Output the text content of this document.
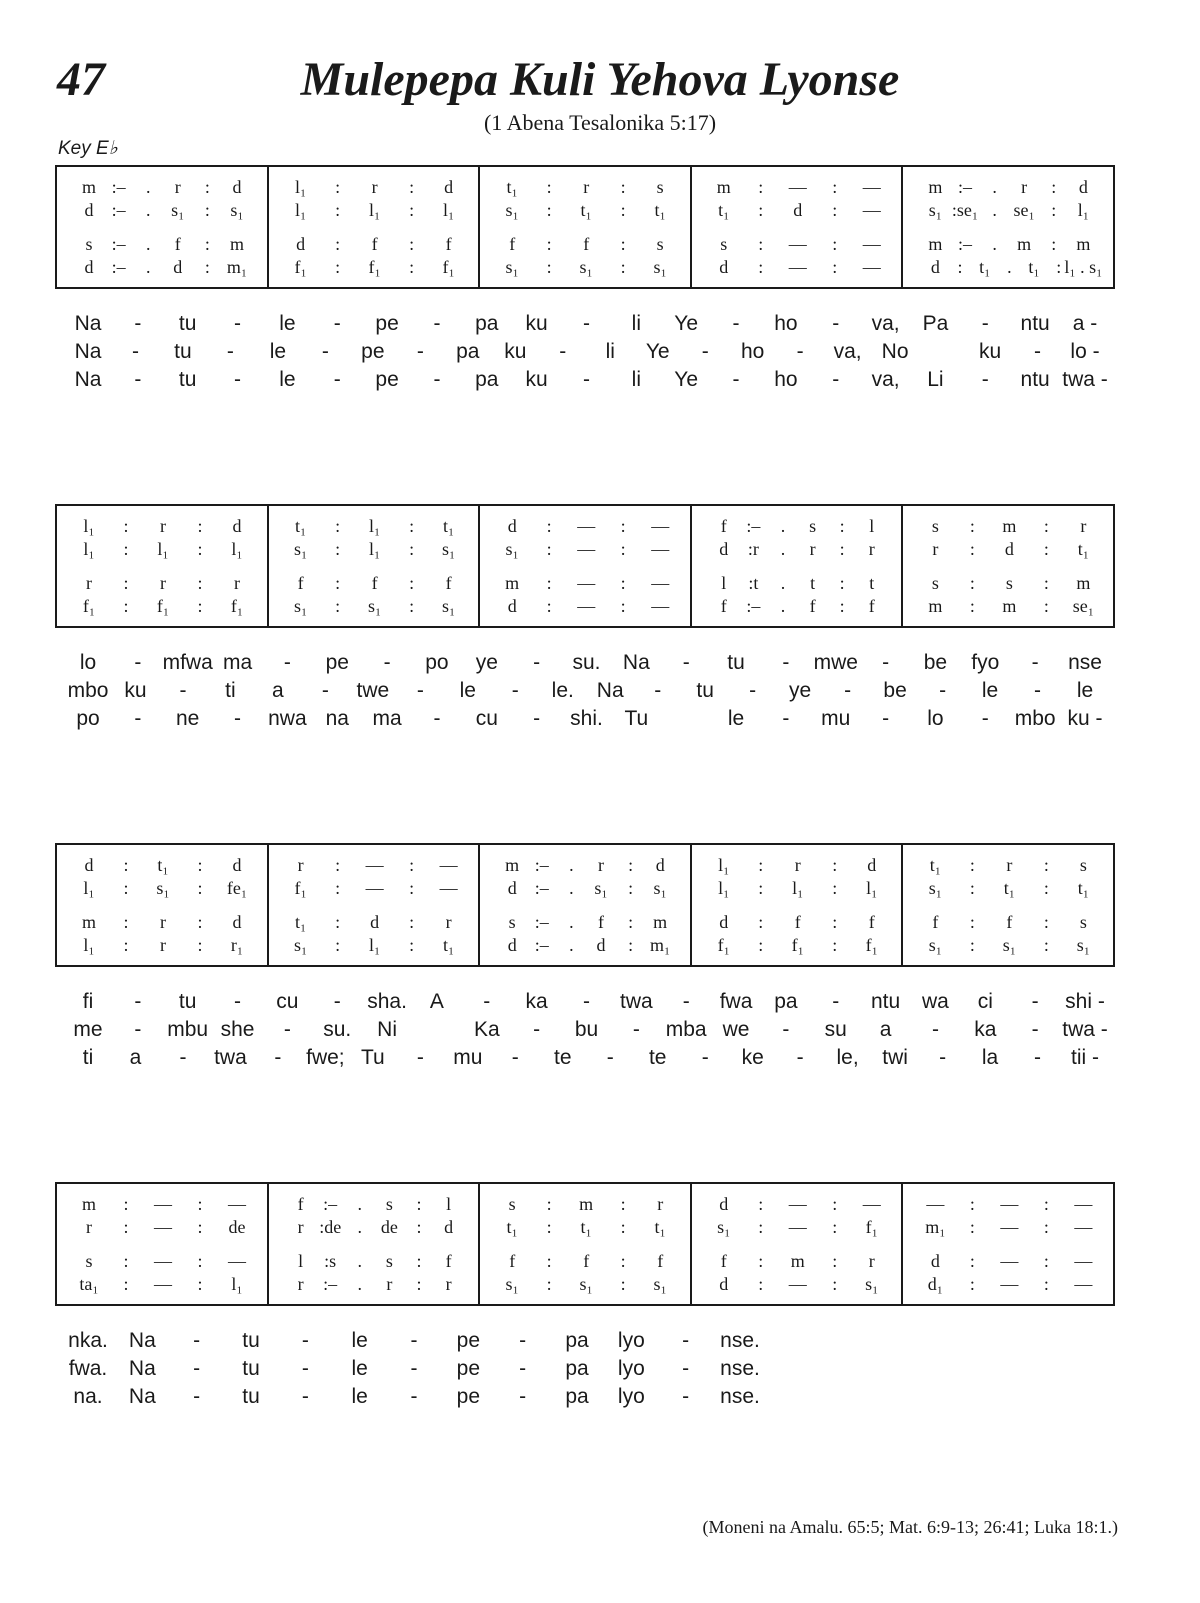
47	Mulepepa Kuli Yehova Lyonse
(1 Abena Tesalonika 5:17)
Key E♭
m :– . r : d
d :– . s₁ : s₁
s :– . f : m
d :– . d : m₁
l₁ : r : d
l₁ : l₁ : l₁
d : f : f
f₁ : f₁ : f₁
t₁ : r : s
s₁ : t₁ : t₁
f : f : s
s₁ : s₁ : s₁
m : — : —
t₁ : d : —
s : — : —
d : — : —
m :– . r : d
s₁ :se₁ . se₁ : l₁
m :– . m : m
d : t₁ . t₁ : l₁ . s₁
Na - tu - le - pe - pa ku - li Ye - ho - va, Pa - ntu a -
Na - tu - le - pe - pa ku - li Ye - ho - va, No	ku - lo -
Na - tu - le - pe - pa ku - li Ye - ho - va, Li - ntu twa -
l₁ : r : d
l₁ : l₁ : l₁
r : r : r
f₁ : f₁ : f₁
t₁ : l₁ : t₁
s₁ : l₁ : s₁
f : f : f
s₁ : s₁ : s₁
d : — : —
s₁ : — : —
m : — : —
d : — : —
f :– . s : l
d :r . r : r
l :t . t : t
f :– . f : f
s : m : r
r : d : t₁
s : s : m
m : m : se₁
lo - mfwa ma - pe - po ye - su. Na - tu - mwe - be fyo - nse
mbo ku - ti a - twe - le - le. Na - tu - ye - be - le - le
po - ne - nwa na ma - cu - shi. Tu	le - mu - lo - mbo ku -
d : t₁ : d
l₁ : s₁ : fe₁
m : r : d
l₁ : r : r₁
r : — : —
f₁ : — : —
t₁ : d : r
s₁ : l₁ : t₁
m :– . r : d
d :– . s₁ : s₁
s :– . f : m
d :– . d : m₁
l₁ : r : d
l₁ : l₁ : l₁
d : f : f
f₁ : f₁ : f₁
t₁ : r : s
s₁ : t₁ : t₁
f : f : s
s₁ : s₁ : s₁
fi - tu - cu - sha. A - ka - twa - fwa pa - ntu wa ci - shi -
me - mbu she - su. Ni	Ka - bu - mba we - su a - ka - twa -
ti a - twa - fwe; Tu - mu - te - te - ke - le, twi - la - tii -
m : — : —
r : — : de
s : — : —
ta₁ : — : l₁
f :– . s : l
r :de . de : d
l :s . s : f
r :– . r : r
s : m : r
t₁ : t₁ : t₁
f : f : f
s₁ : s₁ : s₁
d : — : —
s₁ : — : f₁
f : m : r
d : — : s₁
— : — : —
m₁ : — : —
d : — : —
d₁ : — : —
nka. Na - tu - le - pe - pa lyo - nse.
fwa. Na - tu - le - pe - pa lyo - nse.
na. Na - tu - le - pe - pa lyo - nse.
(Moneni na Amalu. 65:5; Mat. 6:9-13; 26:41; Luka 18:1.)
